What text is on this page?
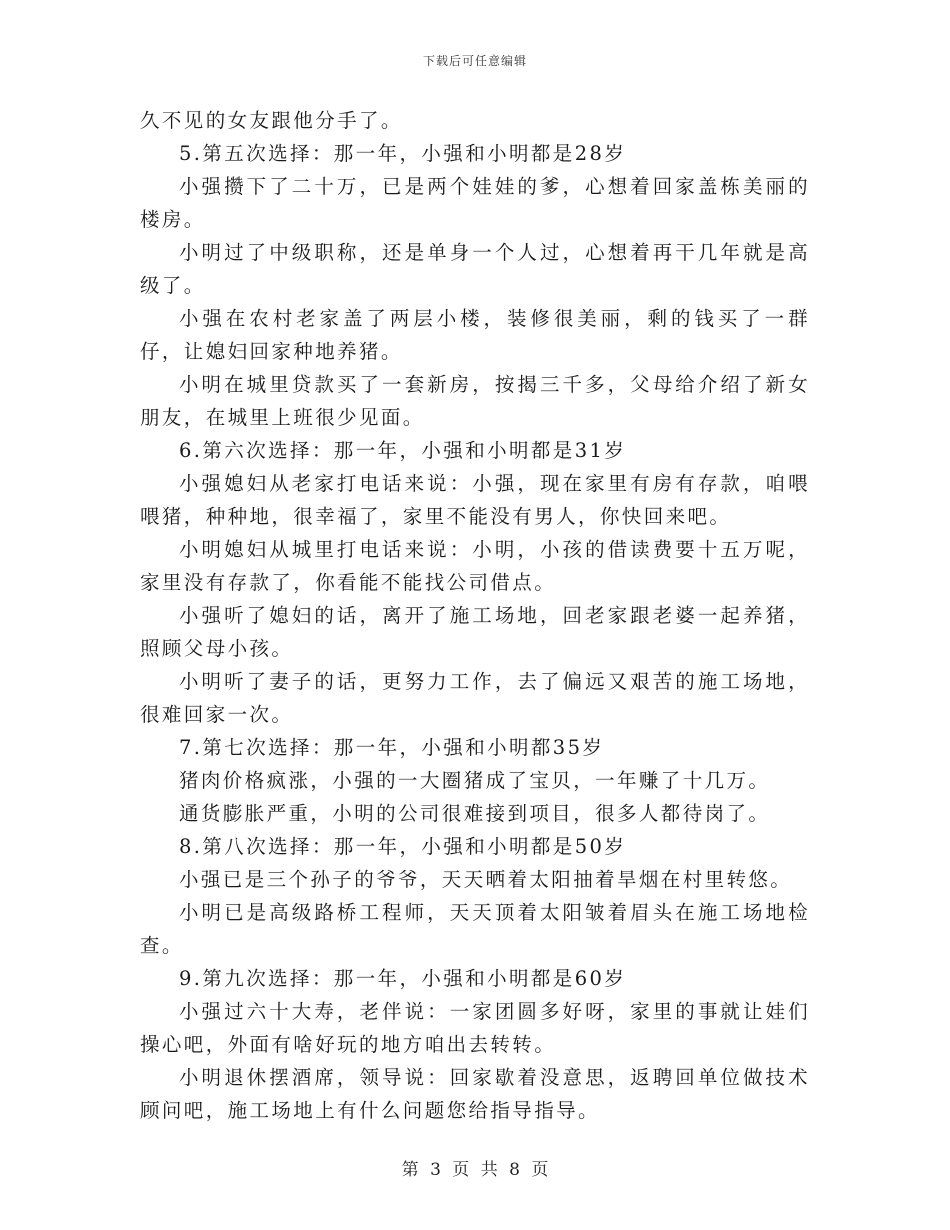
下载后可任意编辑

久不见的女友跟他分手了。

5.第五次选择：那一年，小强和小明都是28岁

小强攒下了二十万，已是两个娃娃的爹，心想着回家盖栋美丽的楼房。

小明过了中级职称，还是单身一个人过，心想着再干几年就是高级了。

小强在农村老家盖了两层小楼，装修很美丽，剩的钱买了一群仔，让媳妇回家种地养猪。

小明在城里贷款买了一套新房，按揭三千多，父母给介绍了新女朋友，在城里上班很少见面。

6.第六次选择：那一年，小强和小明都是31岁

小强媳妇从老家打电话来说：小强，现在家里有房有存款，咱喂喂猪，种种地，很幸福了，家里不能没有男人，你快回来吧。

小明媳妇从城里打电话来说：小明，小孩的借读费要十五万呢，家里没有存款了，你看能不能找公司借点。

小强听了媳妇的话，离开了施工场地，回老家跟老婆一起养猪，照顾父母小孩。

小明听了妻子的话，更努力工作，去了偏远又艰苦的施工场地，很难回家一次。

7.第七次选择：那一年，小强和小明都35岁

猪肉价格疯涨，小强的一大圈猪成了宝贝，一年赚了十几万。

通货膨胀严重，小明的公司很难接到项目，很多人都待岗了。

8.第八次选择：那一年，小强和小明都是50岁

小强已是三个孙子的爷爷，天天晒着太阳抽着旱烟在村里转悠。

小明已是高级路桥工程师，天天顶着太阳皱着眉头在施工场地检查。

9.第九次选择：那一年，小强和小明都是60岁

小强过六十大寿，老伴说：一家团圆多好呀，家里的事就让娃们操心吧，外面有啥好玩的地方咱出去转转。

小明退休摆酒席，领导说：回家歇着没意思，返聘回单位做技术顾问吧，施工场地上有什么问题您给指导指导。

第 3 页 共 8 页
